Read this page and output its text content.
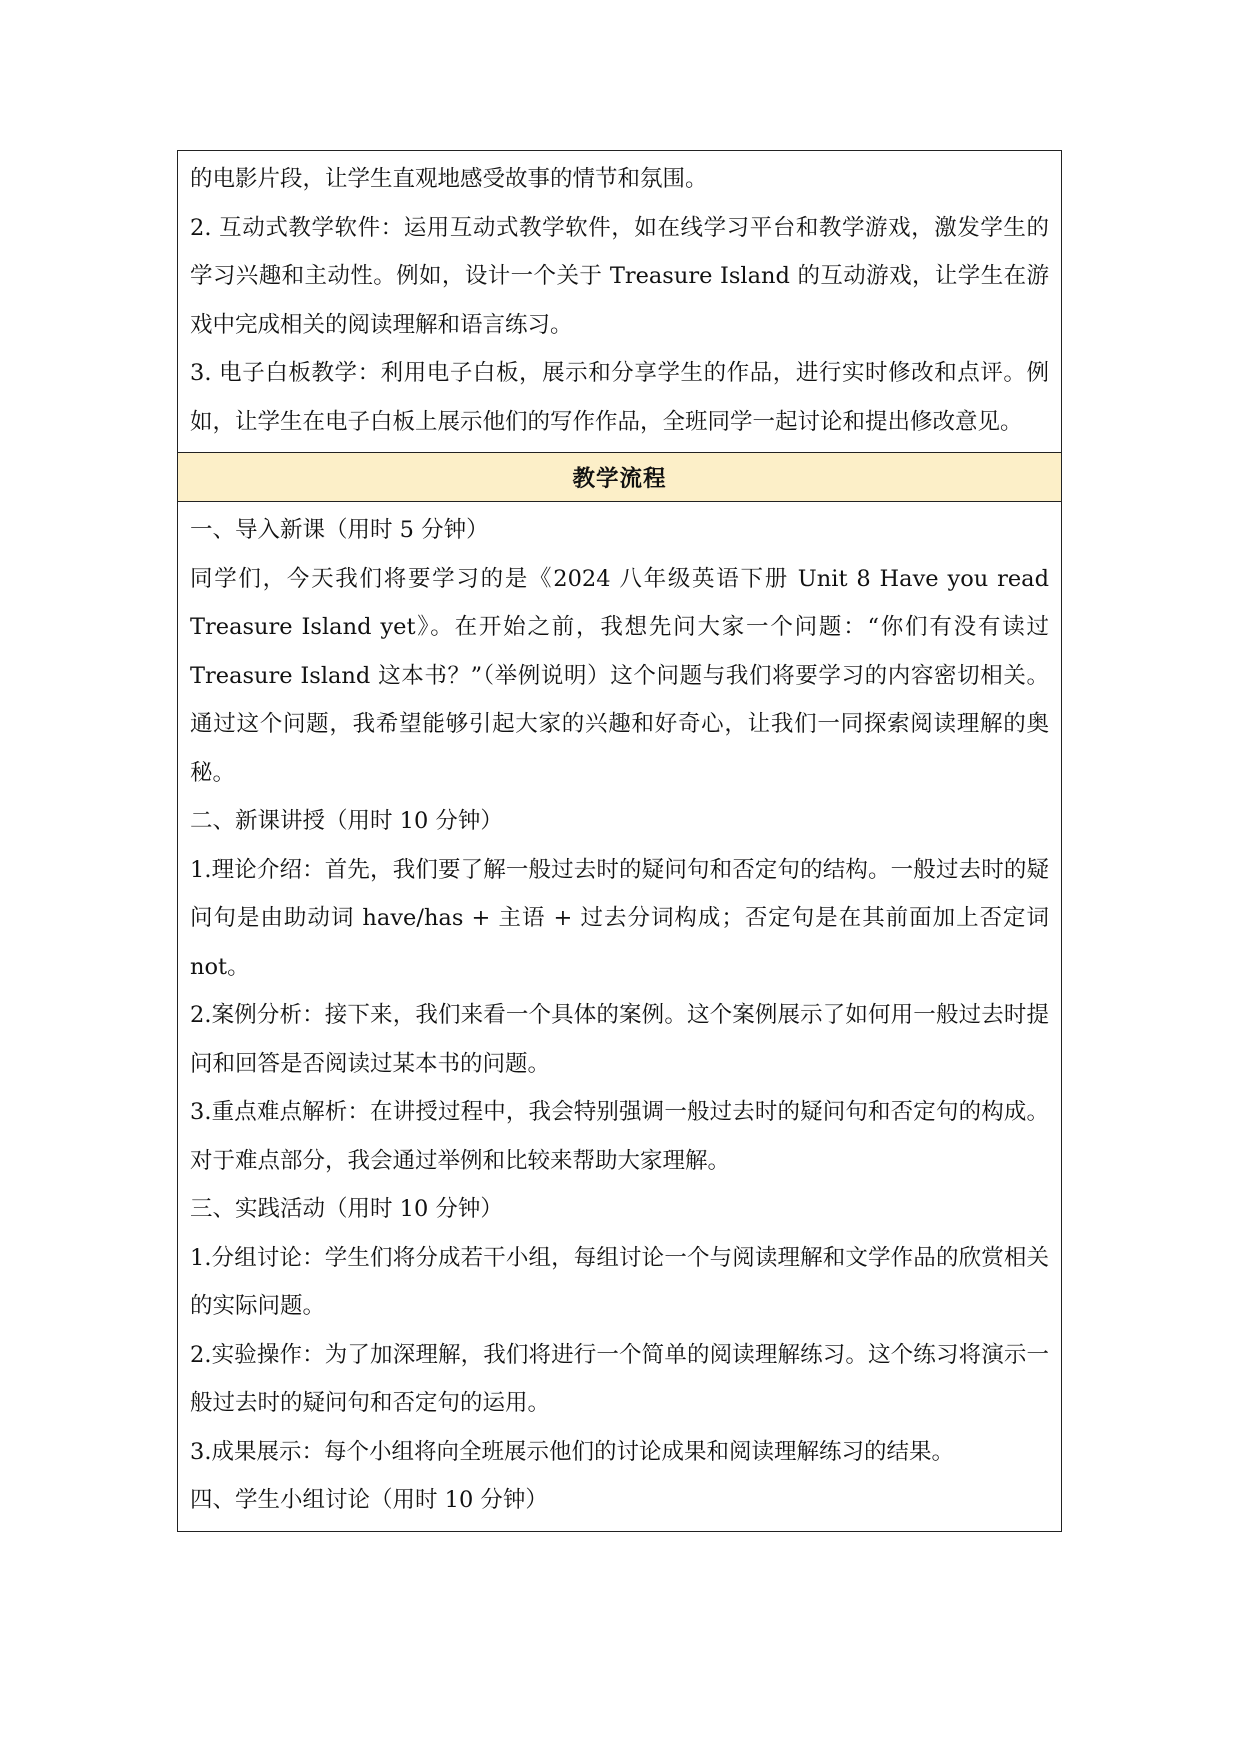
的电影片段，让学生直观地感受故事的情节和氛围。

2. 互动式教学软件：运用互动式教学软件，如在线学习平台和教学游戏，激发学生的学习兴趣和主动性。例如，设计一个关于 Treasure Island 的互动游戏，让学生在游戏中完成相关的阅读理解和语言练习。

3. 电子白板教学：利用电子白板，展示和分享学生的作品，进行实时修改和点评。例如，让学生在电子白板上展示他们的写作作品，全班同学一起讨论和提出修改意见。

教学流程

一、导入新课（用时 5 分钟）

同学们，今天我们将要学习的是《2024 八年级英语下册 Unit 8 Have you read Treasure Island yet》。在开始之前，我想先问大家一个问题：“你们有没有读过 Treasure Island 这本书？”（举例说明）这个问题与我们将要学习的内容密切相关。通过这个问题，我希望能够引起大家的兴趣和好奇心，让我们一同探索阅读理解的奥秘。

二、新课讲授（用时 10 分钟）

1.理论介绍：首先，我们要了解一般过去时的疑问句和否定句的结构。一般过去时的疑问句是由助动词 have/has + 主语 + 过去分词构成；否定句是在其前面加上否定词 not。

2.案例分析：接下来，我们来看一个具体的案例。这个案例展示了如何用一般过去时提问和回答是否阅读过某本书的问题。

3.重点难点解析：在讲授过程中，我会特别强调一般过去时的疑问句和否定句的构成。对于难点部分，我会通过举例和比较来帮助大家理解。

三、实践活动（用时 10 分钟）

1.分组讨论：学生们将分成若干小组，每组讨论一个与阅读理解和文学作品的欣赏相关的实际问题。

2.实验操作：为了加深理解，我们将进行一个简单的阅读理解练习。这个练习将演示一般过去时的疑问句和否定句的运用。

3.成果展示：每个小组将向全班展示他们的讨论成果和阅读理解练习的结果。

四、学生小组讨论（用时 10 分钟）
